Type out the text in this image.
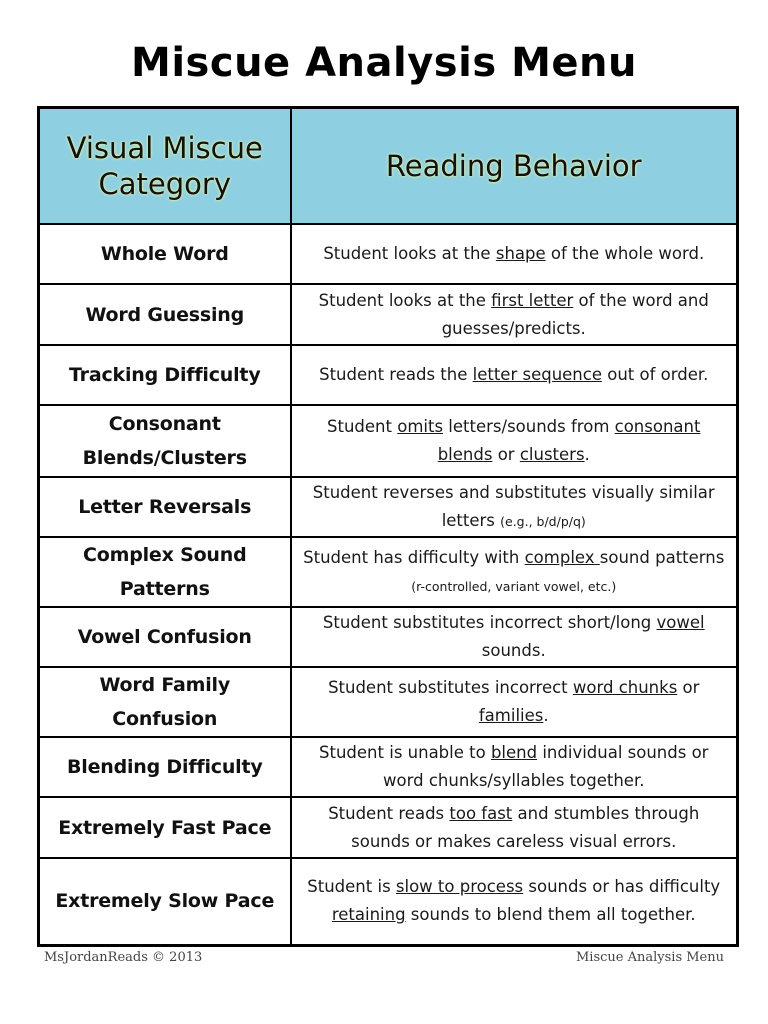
Miscue Analysis Menu
Visual Miscue Category	Reading Behavior
Whole Word	Student looks at the shape of the whole word.
Word Guessing	Student looks at the first letter of the word and guesses/predicts.
Tracking Difficulty	Student reads the letter sequence out of order.
Consonant Blends/Clusters	Student omits letters/sounds from consonant blends or clusters.
Letter Reversals	Student reverses and substitutes visually similar letters (e.g., b/d/p/q)
Complex Sound Patterns	Student has difficulty with complex sound patterns (r-controlled, variant vowel, etc.)
Vowel Confusion	Student substitutes incorrect short/long vowel sounds.
Word Family Confusion	Student substitutes incorrect word chunks or families.
Blending Difficulty	Student is unable to blend individual sounds or word chunks/syllables together.
Extremely Fast Pace	Student reads too fast and stumbles through sounds or makes careless visual errors.
Extremely Slow Pace	Student is slow to process sounds or has difficulty retaining sounds to blend them all together.
MsJordanReads © 2013	Miscue Analysis Menu
